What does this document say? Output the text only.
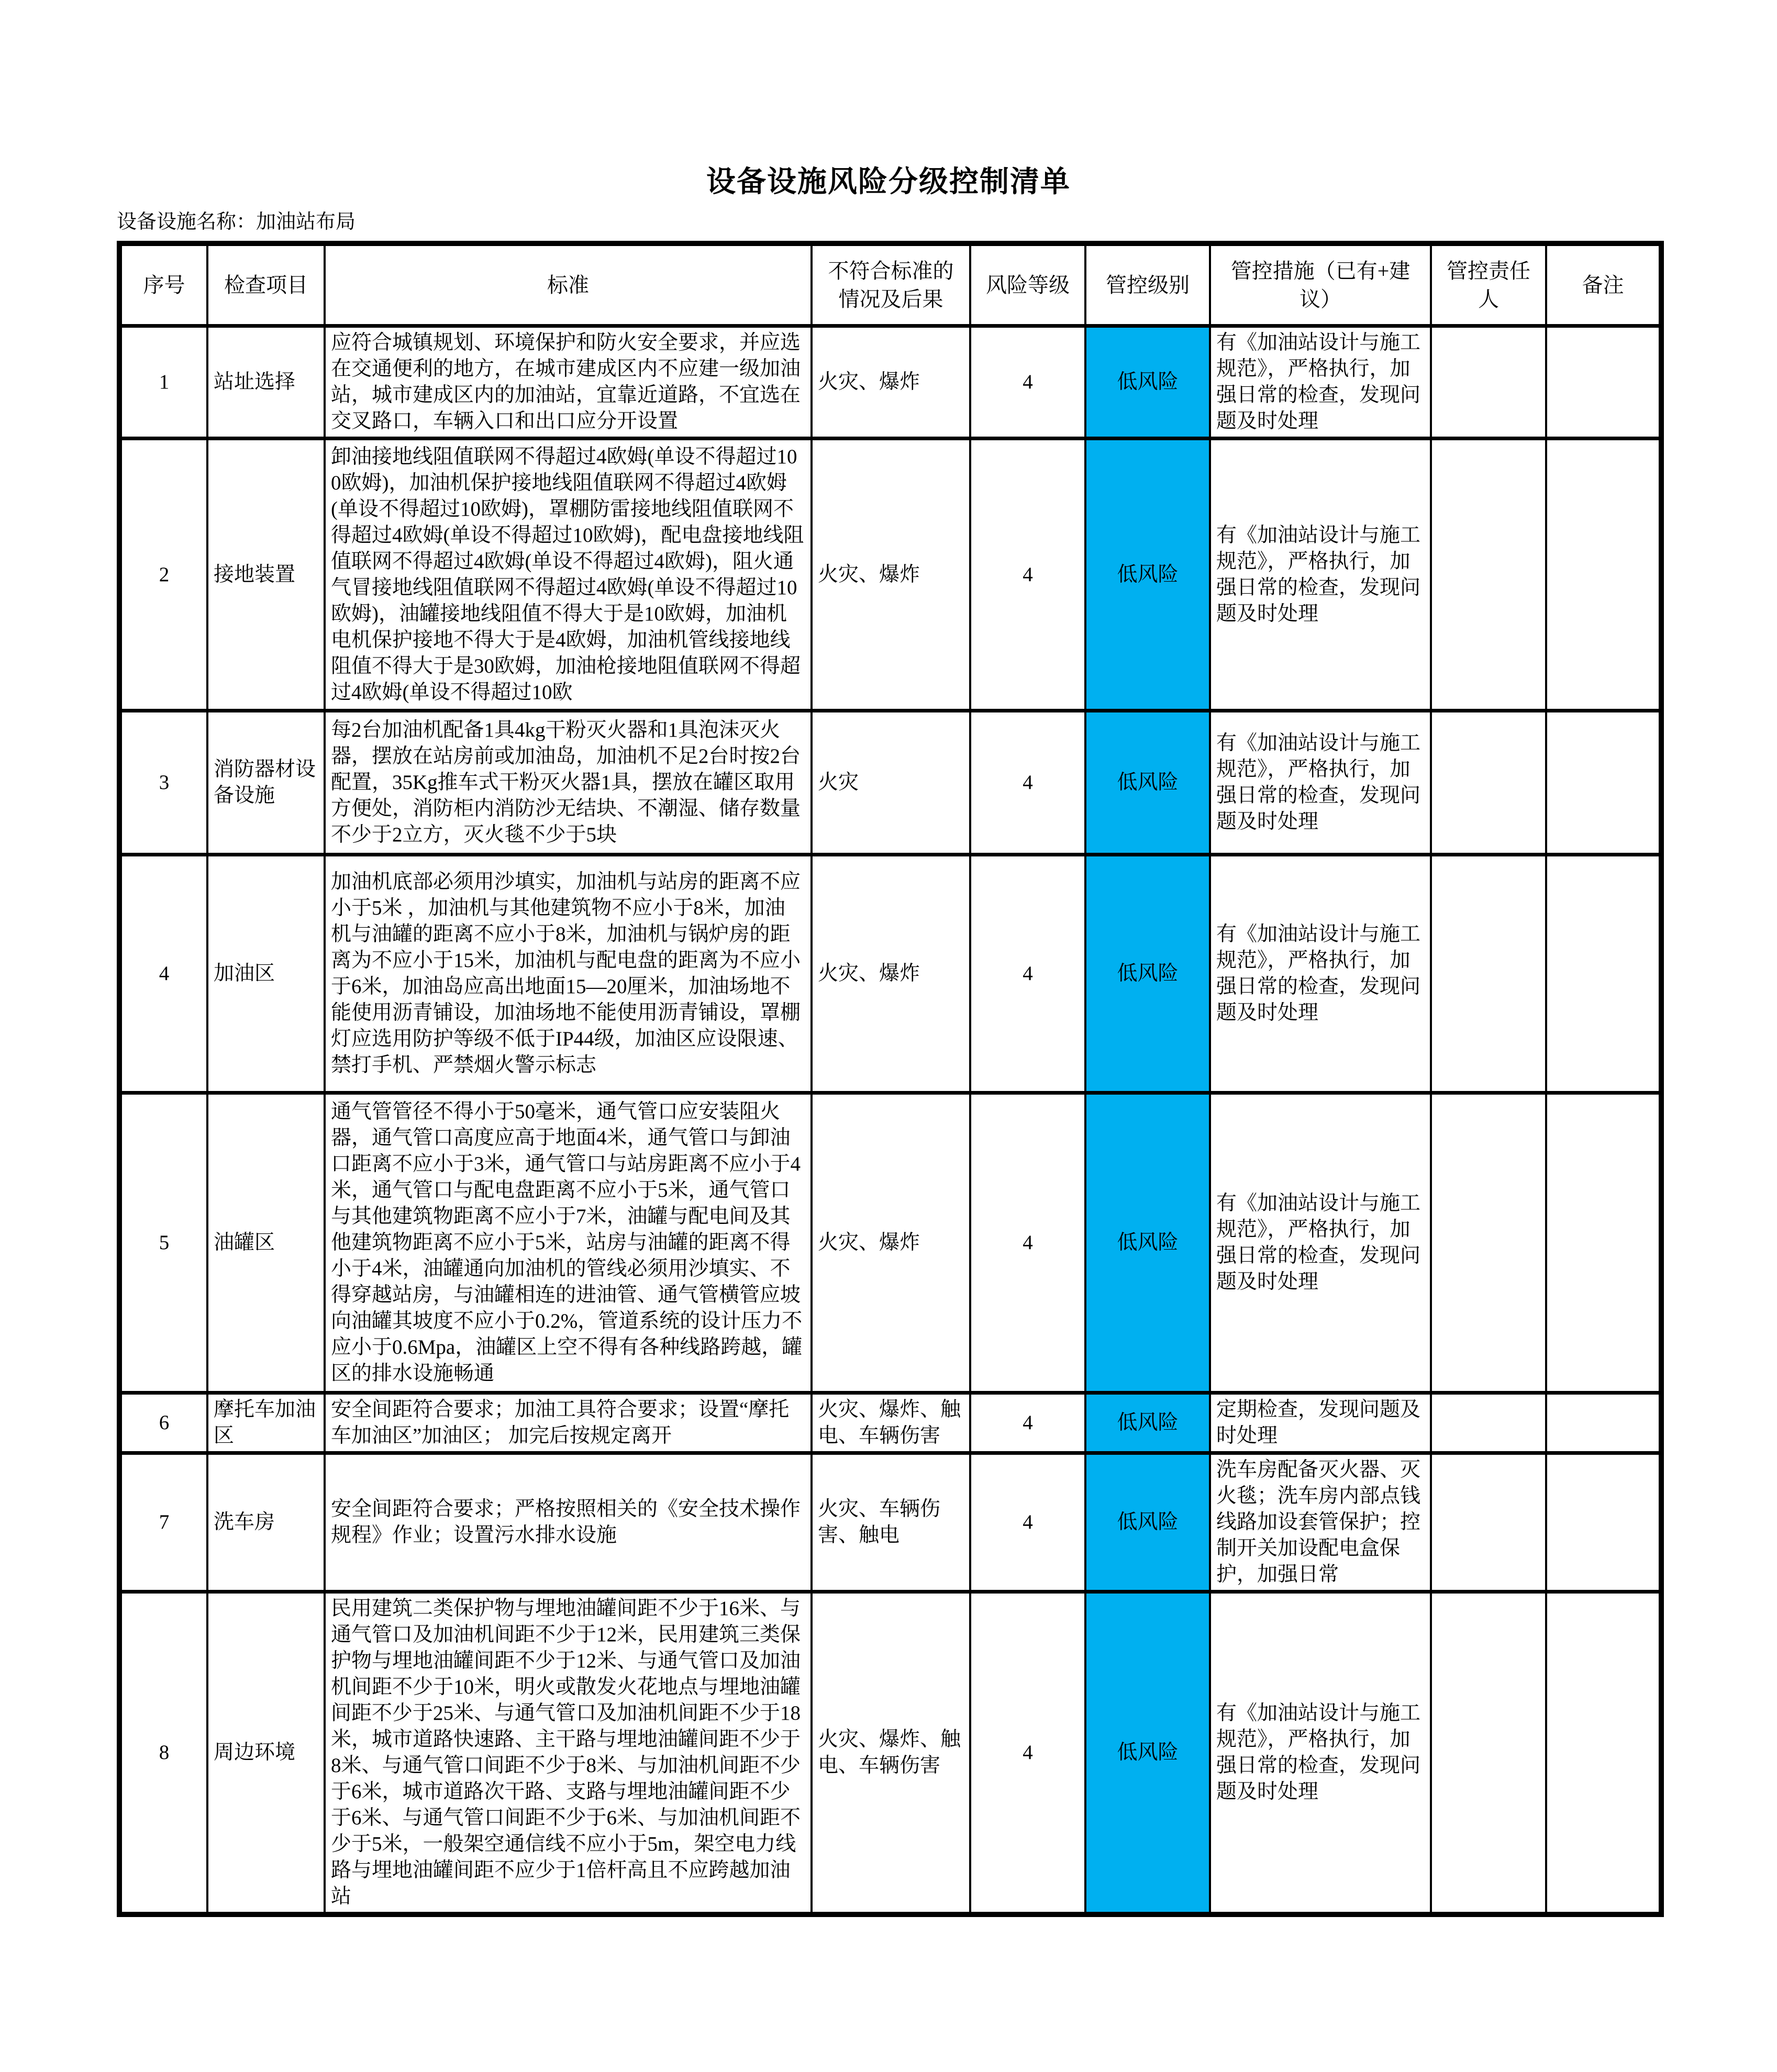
设备设施风险分级控制清单
设备设施名称：加油站布局
序号	检查项目	标准	不符合标准的情况及后果	风险等级	管控级别	管控措施（已有+建议）	管控责任人	备注
1	站址选择	应符合城镇规划、环境保护和防火安全要求，并应选在交通便利的地方，在城市建成区内不应建一级加油站，城市建成区内的加油站，宜靠近道路，不宜选在交叉路口，车辆入口和出口应分开设置	火灾、爆炸	4	低风险	有《加油站设计与施工规范》，严格执行，加强日常的检查，发现问题及时处理		

2	接地装置	卸油接地线阻值联网不得超过4欧姆(单设不得超过100欧姆)，加油机保护接地线阻值联网不得超过4欧姆(单设不得超过10欧姆)，罩棚防雷接地线阻值联网不得超过4欧姆(单设不得超过10欧姆)，配电盘接地线阻值联网不得超过4欧姆(单设不得超过4欧姆)，阻火通气冒接地线阻值联网不得超过4欧姆(单设不得超过10欧姆)，油罐接地线阻值不得大于是10欧姆，加油机电机保护接地不得大于是4欧姆，加油机管线接地线阻值不得大于是30欧姆，加油枪接地阻值联网不得超过4欧姆(单设不得超过10欧	火灾、爆炸	4	低风险	有《加油站设计与施工规范》，严格执行，加强日常的检查，发现问题及时处理		

3	消防器材设备设施	每2台加油机配备1具4kg干粉灭火器和1具泡沫灭火器，摆放在站房前或加油岛，加油机不足2台时按2台配置，35Kg推车式干粉灭火器1具，摆放在罐区取用方便处，消防柜内消防沙无结块、不潮湿、储存数量不少于2立方，灭火毯不少于5块	火灾	4	低风险	有《加油站设计与施工规范》，严格执行，加强日常的检查，发现问题及时处理		

4	加油区	加油机底部必须用沙填实，加油机与站房的距离不应小于5米 ，加油机与其他建筑物不应小于8米，加油机与油罐的距离不应小于8米，加油机与锅炉房的距离为不应小于15米，加油机与配电盘的距离为不应小于6米，加油岛应高出地面15—20厘米，加油场地不能使用沥青铺设，加油场地不能使用沥青铺设，罩棚灯应选用防护等级不低于IP44级，加油区应设限速、禁打手机、严禁烟火警示标志	火灾、爆炸	4	低风险	有《加油站设计与施工规范》，严格执行，加强日常的检查，发现问题及时处理		

5	油罐区	通气管管径不得小于50毫米，通气管口应安装阻火器，通气管口高度应高于地面4米，通气管口与卸油口距离不应小于3米，通气管口与站房距离不应小于4米，通气管口与配电盘距离不应小于5米，通气管口与其他建筑物距离不应小于7米，油罐与配电间及其他建筑物距离不应小于5米，站房与油罐的距离不得小于4米，油罐通向加油机的管线必须用沙填实、不得穿越站房，与油罐相连的进油管、通气管横管应坡向油罐其坡度不应小于0.2%，管道系统的设计压力不应小于0.6Mpa，油罐区上空不得有各种线路跨越，罐区的排水设施畅通	火灾、爆炸	4	低风险	有《加油站设计与施工规范》，严格执行，加强日常的检查，发现问题及时处理		

6	摩托车加油区	安全间距符合要求；加油工具符合要求；设置“摩托车加油区”加油区； 加完后按规定离开	火灾、爆炸、触电、车辆伤害	4	低风险	定期检查，发现问题及时处理		

7	洗车房	安全间距符合要求；严格按照相关的《安全技术操作规程》作业；设置污水排水设施	火灾、车辆伤害、触电	4	低风险	洗车房配备灭火器、灭火毯；洗车房内部点钱线路加设套管保护；控制开关加设配电盒保护，加强日常		

8	周边环境	民用建筑二类保护物与埋地油罐间距不少于16米、与通气管口及加油机间距不少于12米，民用建筑三类保护物与埋地油罐间距不少于12米、与通气管口及加油机间距不少于10米，明火或散发火花地点与埋地油罐间距不少于25米、与通气管口及加油机间距不少于18米，城市道路快速路、主干路与埋地油罐间距不少于8米、与通气管口间距不少于8米、与加油机间距不少于6米，城市道路次干路、支路与埋地油罐间距不少于6米、与通气管口间距不少于6米、与加油机间距不少于5米，一般架空通信线不应小于5m，架空电力线路与埋地油罐间距不应少于1倍杆高且不应跨越加油站	火灾、爆炸、触电、车辆伤害	4	低风险	有《加油站设计与施工规范》，严格执行，加强日常的检查，发现问题及时处理		
